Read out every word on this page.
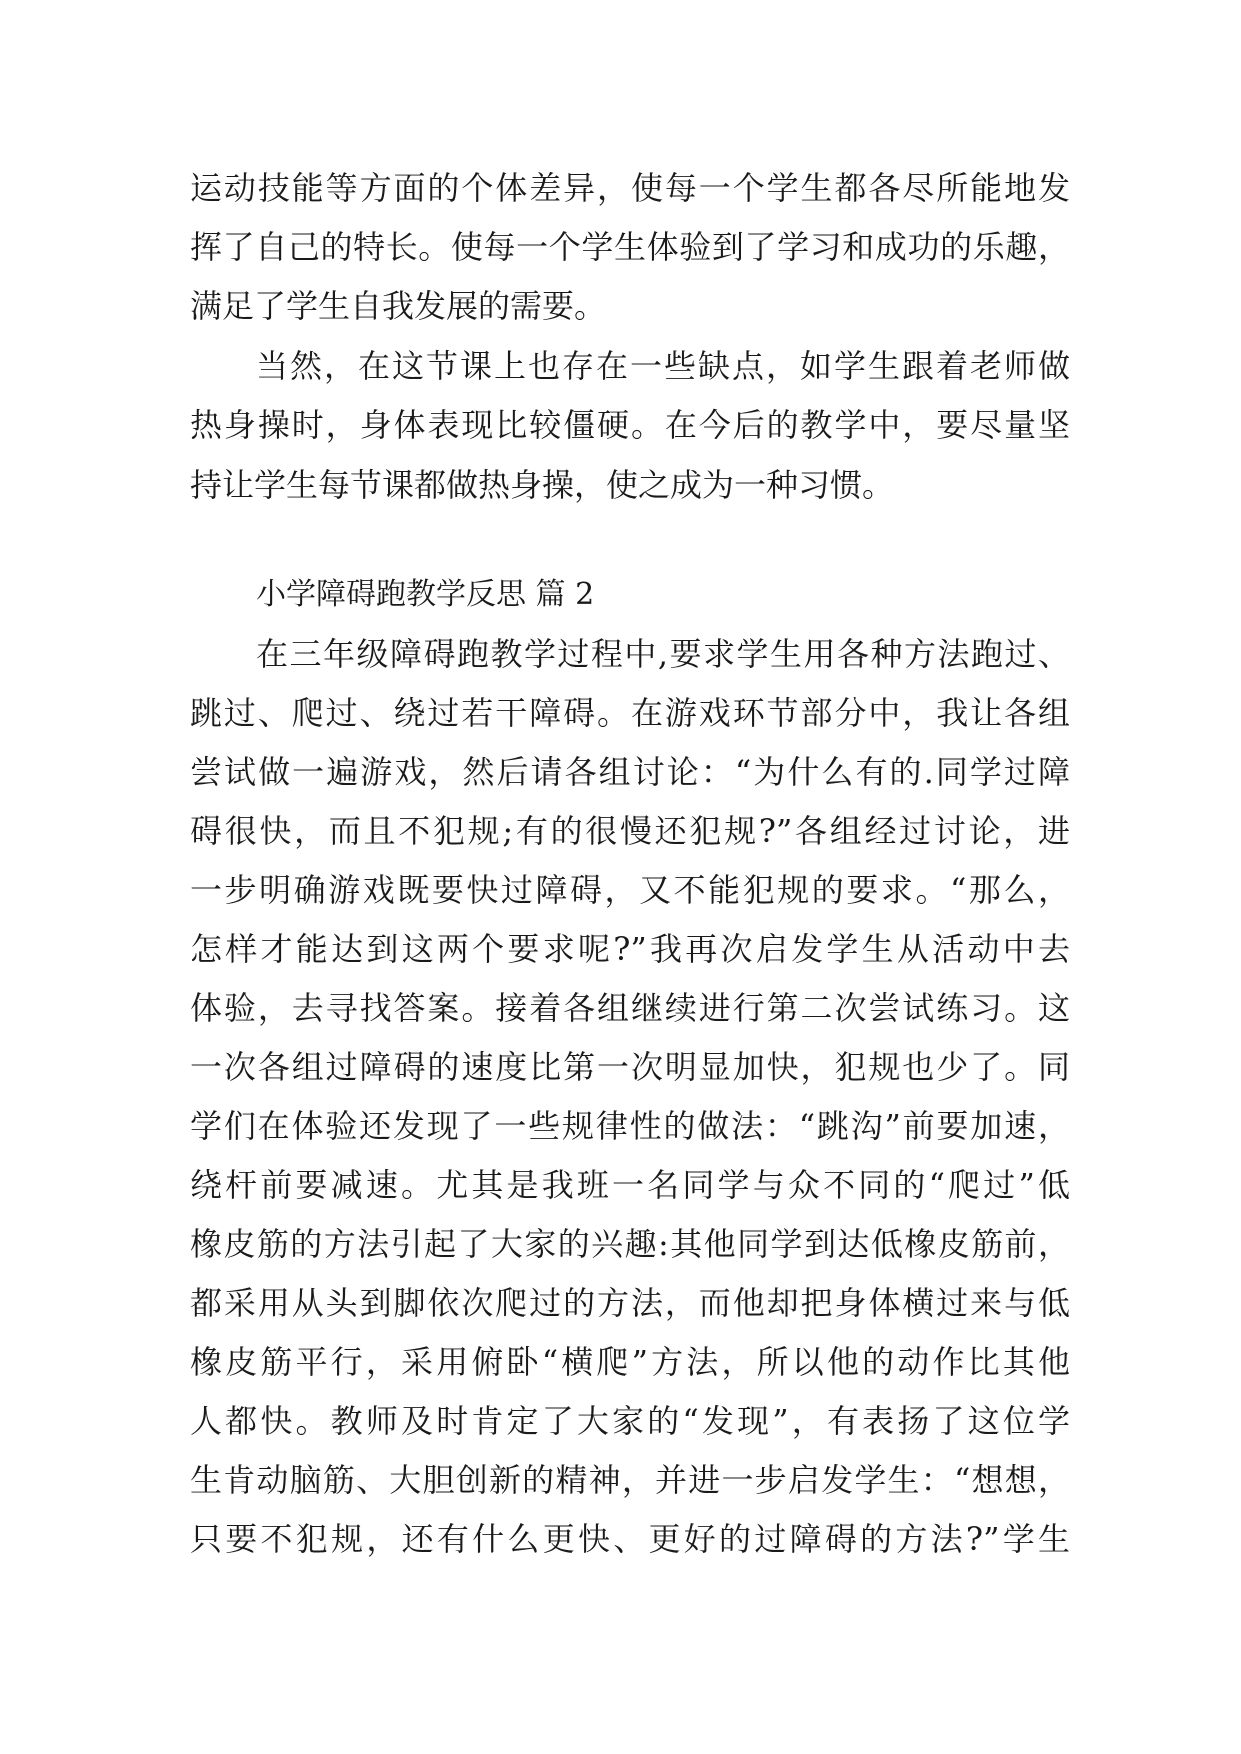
运动技能等方面的个体差异，使每一个学生都各尽所能地发
挥了自己的特长。使每一个学生体验到了学习和成功的乐趣，
满足了学生自我发展的需要。
当然，在这节课上也存在一些缺点，如学生跟着老师做
热身操时，身体表现比较僵硬。在今后的教学中，要尽量坚
持让学生每节课都做热身操，使之成为一种习惯。
小学障碍跑教学反思 篇 2
在三年级障碍跑教学过程中,要求学生用各种方法跑过、
跳过、爬过、绕过若干障碍。在游戏环节部分中，我让各组
尝试做一遍游戏，然后请各组讨论：“为什么有的.同学过障
碍很快，而且不犯规;有的很慢还犯规?”各组经过讨论，进
一步明确游戏既要快过障碍，又不能犯规的要求。“那么，
怎样才能达到这两个要求呢?”我再次启发学生从活动中去
体验，去寻找答案。接着各组继续进行第二次尝试练习。这
一次各组过障碍的速度比第一次明显加快，犯规也少了。同
学们在体验还发现了一些规律性的做法：“跳沟”前要加速，
绕杆前要减速。尤其是我班一名同学与众不同的“爬过”低
橡皮筋的方法引起了大家的兴趣:其他同学到达低橡皮筋前，
都采用从头到脚依次爬过的方法，而他却把身体横过来与低
橡皮筋平行，采用俯卧“横爬”方法，所以他的动作比其他
人都快。教师及时肯定了大家的“发现”，有表扬了这位学
生肯动脑筋、大胆创新的精神，并进一步启发学生：“想想，
只要不犯规，还有什么更快、更好的过障碍的方法?”学生
